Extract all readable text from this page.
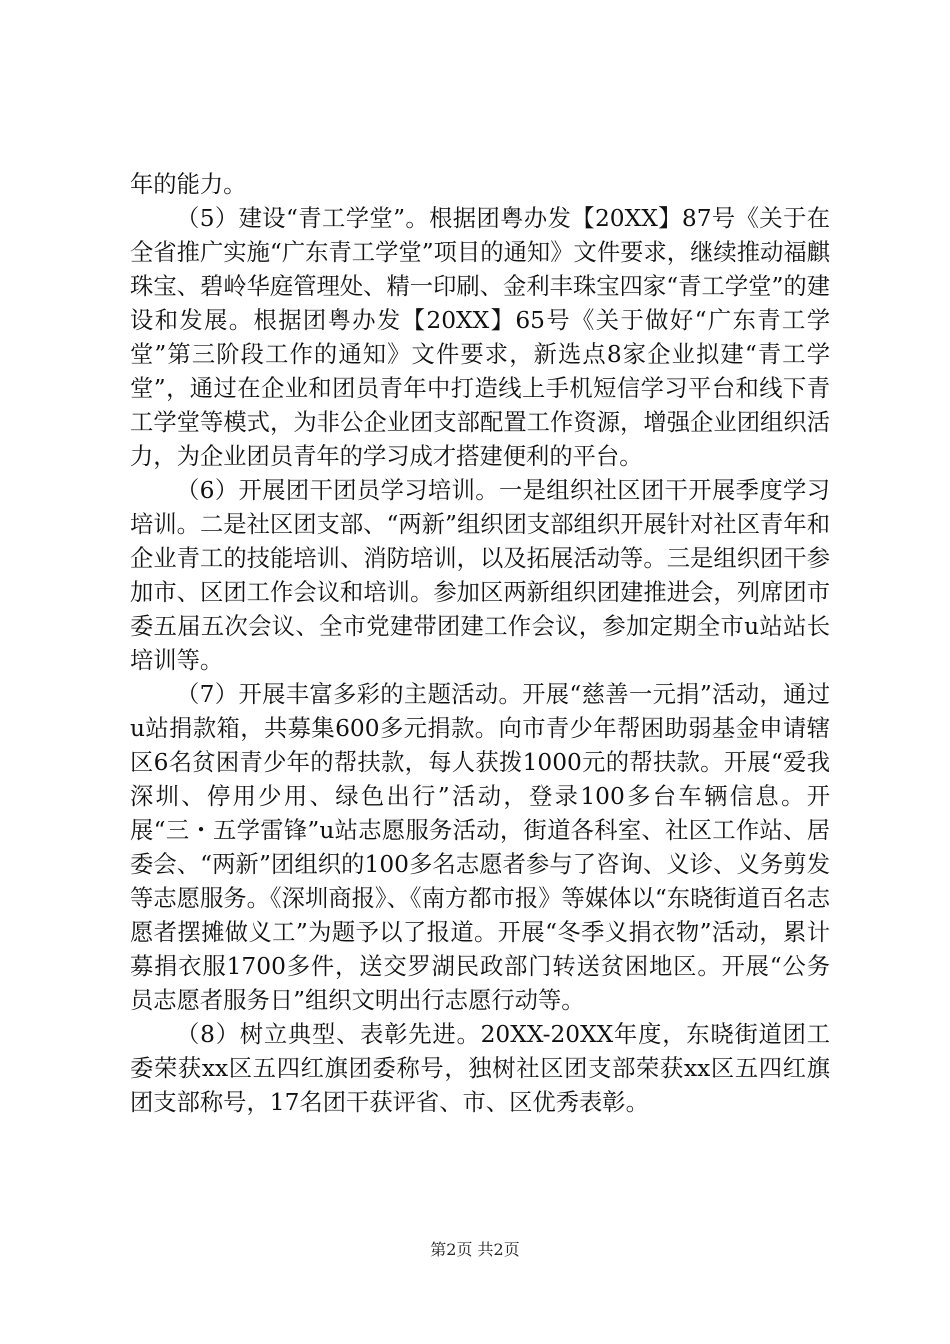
年的能力。

（5）建设“青工学堂”。根据团粤办发【20XX】87号《关于在全省推广实施“广东青工学堂”项目的通知》文件要求，继续推动福麒珠宝、碧岭华庭管理处、精一印刷、金利丰珠宝四家“青工学堂”的建设和发展。根据团粤办发【20XX】65号《关于做好“广东青工学堂”第三阶段工作的通知》文件要求，新选点8家企业拟建“青工学堂”，通过在企业和团员青年中打造线上手机短信学习平台和线下青工学堂等模式，为非公企业团支部配置工作资源，增强企业团组织活力，为企业团员青年的学习成才搭建便利的平台。

（6）开展团干团员学习培训。一是组织社区团干开展季度学习培训。二是社区团支部、“两新”组织团支部组织开展针对社区青年和企业青工的技能培训、消防培训，以及拓展活动等。三是组织团干参加市、区团工作会议和培训。参加区两新组织团建推进会，列席团市委五届五次会议、全市党建带团建工作会议，参加定期全市u站站长培训等。

（7）开展丰富多彩的主题活动。开展“慈善一元捐”活动，通过u站捐款箱，共募集600多元捐款。向市青少年帮困助弱基金申请辖区6名贫困青少年的帮扶款，每人获拨1000元的帮扶款。开展“爱我深圳、停用少用、绿色出行”活动，登录100多台车辆信息。开展“三・五学雷锋”u站志愿服务活动，街道各科室、社区工作站、居委会、“两新”团组织的100多名志愿者参与了咨询、义诊、义务剪发等志愿服务。《深圳商报》、《南方都市报》等媒体以“东晓街道百名志愿者摆摊做义工”为题予以了报道。开展“冬季义捐衣物”活动，累计募捐衣服1700多件，送交罗湖民政部门转送贫困地区。开展“公务员志愿者服务日”组织文明出行志愿行动等。

（8）树立典型、表彰先进。20XX-20XX年度，东晓街道团工委荣获xx区五四红旗团委称号，独树社区团支部荣获xx区五四红旗团支部称号，17名团干获评省、市、区优秀表彰。

第2页 共2页
